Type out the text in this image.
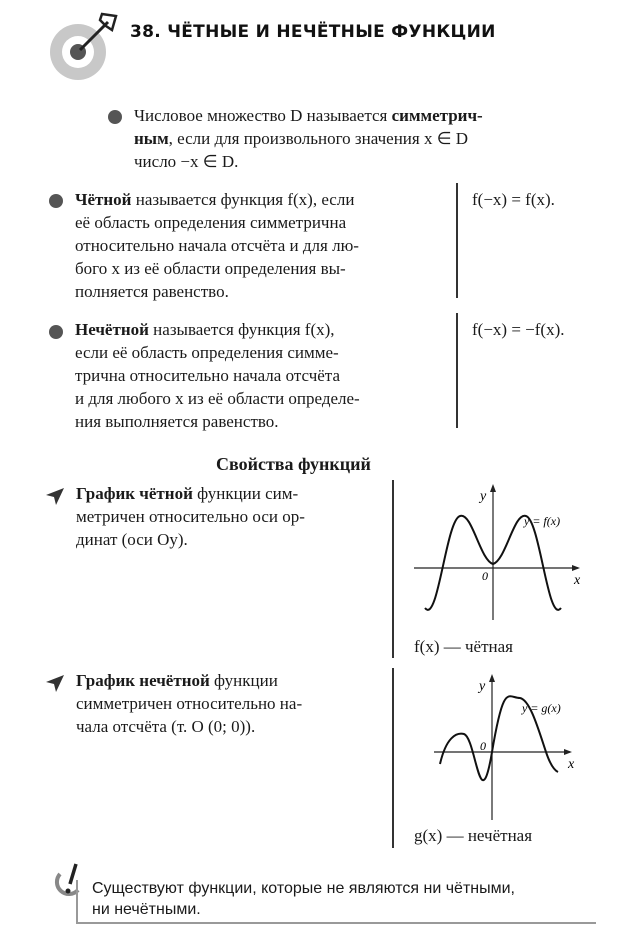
38. ЧЁТНЫЕ И НЕЧЁТНЫЕ ФУНКЦИИ
Числовое множество D называется симметрич-
ным, если для произвольного значения x ∈ D
число −x ∈ D.
Чётной называется функция f(x), если
её область определения симметрична
относительно начала отсчёта и для лю-
бого x из её области определения вы-
полняется равенство.
f(−x) = f(x).
Нечётной называется функция f(x),
если её область определения симме-
трична относительно начала отсчёта
и для любого x из её области определе-
ния выполняется равенство.
f(−x) = −f(x).
Свойства функций
График чётной функции сим-
метричен относительно оси ор-
динат (оси Oy).
y
x
0
y = f(x)
f(x) — чётная
График нечётной функции
симметричен относительно на-
чала отсчёта (т. O (0; 0)).
y
x
0
y = g(x)
g(x) — нечётная
Существуют функции, которые не являются ни чётными,
ни нечётными.
